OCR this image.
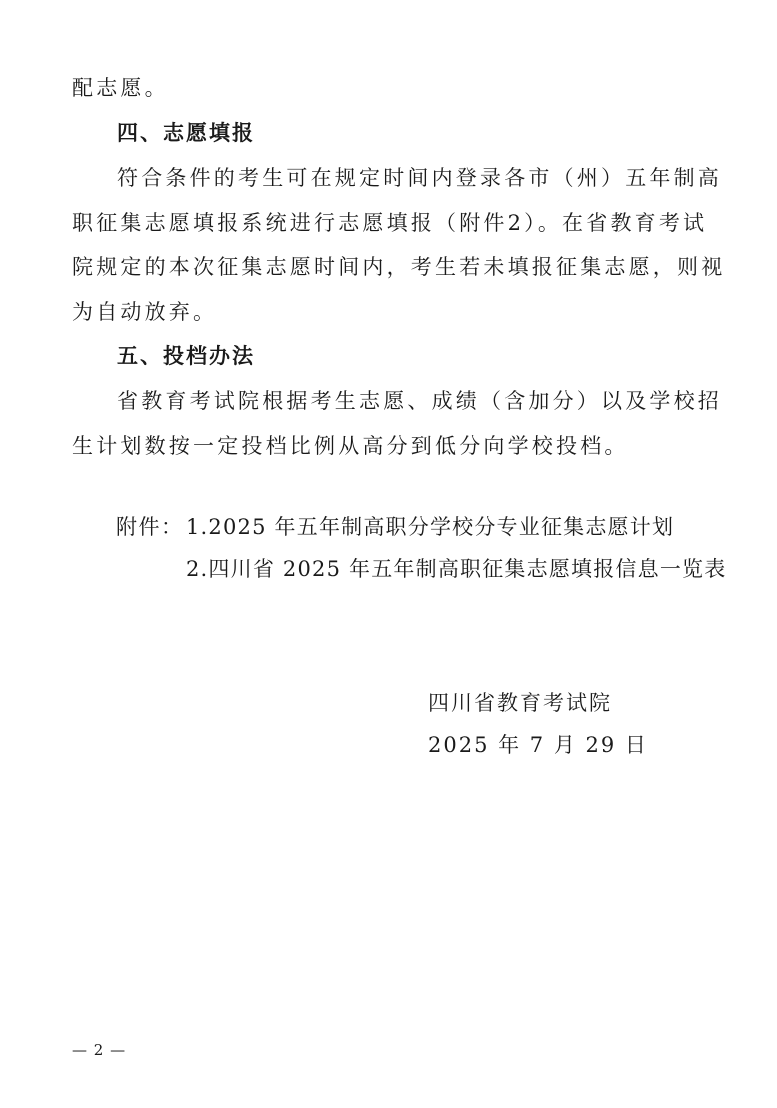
配志愿。
四、志愿填报
符合条件的考生可在规定时间内登录各市（州）五年制高
职征集志愿填报系统进行志愿填报（附件2）。在省教育考试
院规定的本次征集志愿时间内，考生若未填报征集志愿，则视
为自动放弃。
五、投档办法
省教育考试院根据考生志愿、成绩（含加分）以及学校招
生计划数按一定投档比例从高分到低分向学校投档。
附件： 1.2025 年五年制高职分学校分专业征集志愿计划
2.四川省 2025 年五年制高职征集志愿填报信息一览表
四川省教育考试院
2025 年 7 月 29 日
— 2 —
